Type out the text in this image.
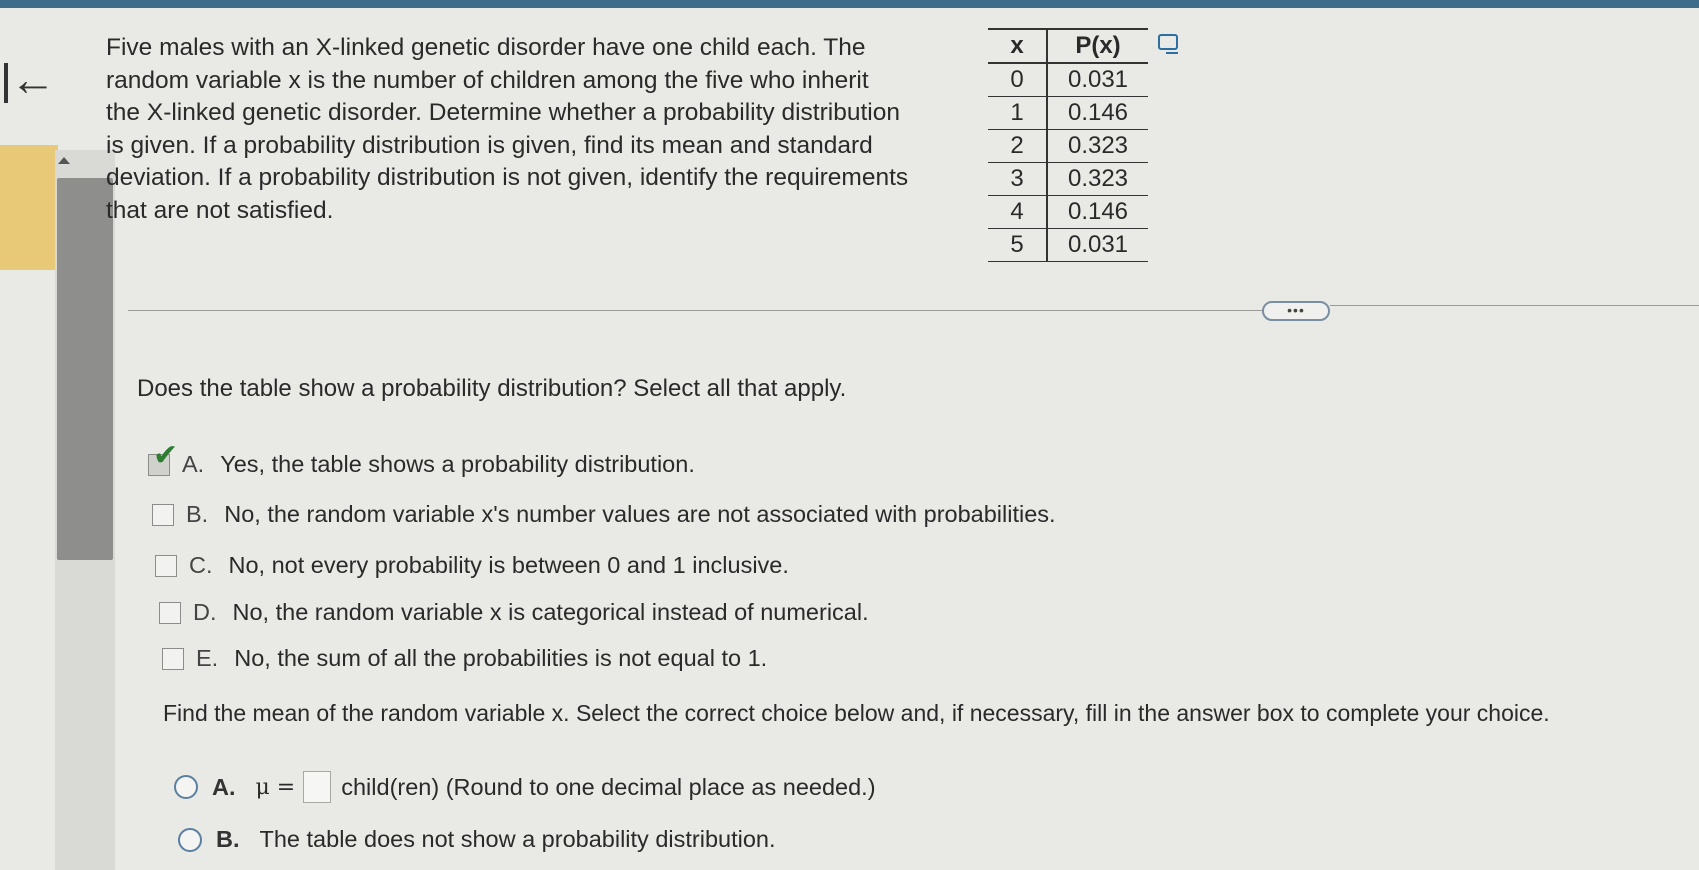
←

Five males with an X-linked genetic disorder have one child each. The

random variable x is the number of children among the five who inherit

the X-linked genetic disorder. Determine whether a probability distribution

is given. If a probability distribution is given, find its mean and standard

deviation. If a probability distribution is not given, identify the requirements

that are not satisfied.

x	P(x)
0	0.031
1	0.146
2	0.323
3	0.323
4	0.146
5	0.031
•••

Does the table show a probability distribution? Select all that apply.

✔ A. Yes, the table shows a probability distribution.
B. No, the random variable x's number values are not associated with probabilities.
C. No, not every probability is between 0 and 1 inclusive.
D. No, the random variable x is categorical instead of numerical.
E. No, the sum of all the probabilities is not equal to 1.

Find the mean of the random variable x. Select the correct choice below and, if necessary, fill in the answer box to complete your choice.

A. μ = child(ren) (Round to one decimal place as needed.)
B. The table does not show a probability distribution.
